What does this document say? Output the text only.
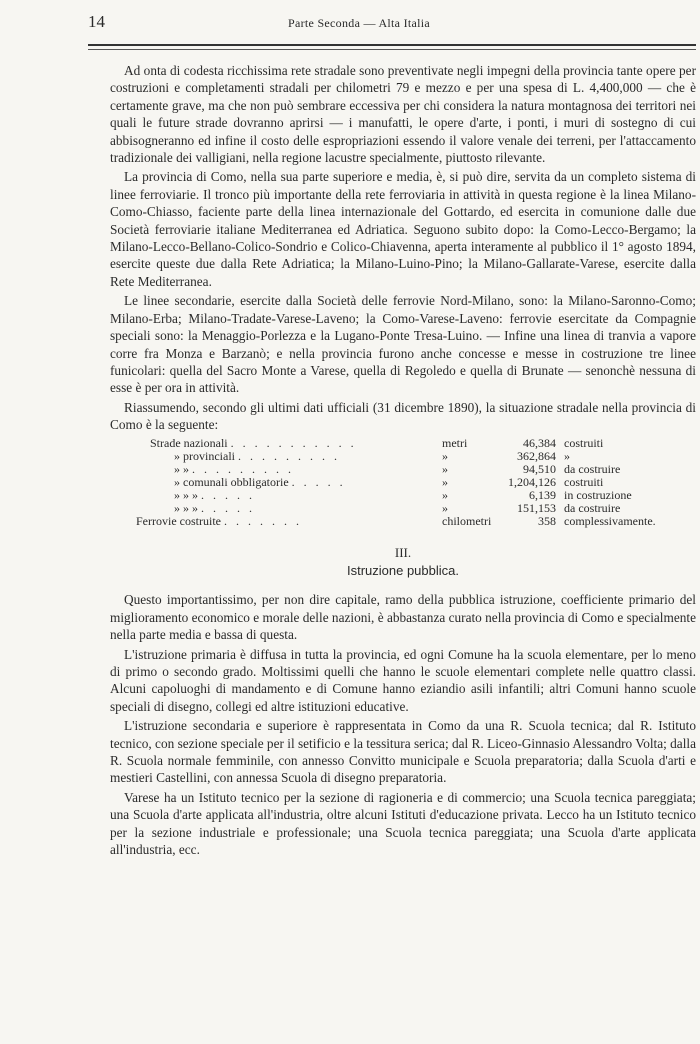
14	Parte Seconda — Alta Italia

Ad onta di codesta ricchissima rete stradale sono preventivate negli impegni della provincia tante opere per costruzioni e completamenti stradali per chilometri 79 e mezzo e per una spesa di L. 4,400,000 — che è certamente grave, ma che non può sembrare eccessiva per chi considera la natura montagnosa dei territori nei quali le future strade dovranno aprirsi — i manufatti, le opere d'arte, i ponti, i muri di sostegno di cui abbisogneranno ed infine il costo delle espropriazioni essendo il valore venale dei terreni, per l'attaccamento tradizionale dei valligiani, nella regione lacustre specialmente, piuttosto rilevante.

La provincia di Como, nella sua parte superiore e media, è, si può dire, servita da un completo sistema di linee ferroviarie. Il tronco più importante della rete ferroviaria in attività in questa regione è la linea Milano-Como-Chiasso, faciente parte della linea internazionale del Gottardo, ed esercita in comunione dalle due Società ferroviarie italiane Mediterranea ed Adriatica. Seguono subito dopo: la Como-Lecco-Bergamo; la Milano-Lecco-Bellano-Colico-Sondrio e Colico-Chiavenna, aperta interamente al pubblico il 1° agosto 1894, esercite queste due dalla Rete Adriatica; la Milano-Luino-Pino; la Milano-Gallarate-Varese, esercite dalla Rete Mediterranea.

Le linee secondarie, esercite dalla Società delle ferrovie Nord-Milano, sono: la Milano-Saronno-Como; Milano-Erba; Milano-Tradate-Varese-Laveno; la Como-Varese-Laveno: ferrovie esercitate da Compagnie speciali sono: la Menaggio-Porlezza e la Lugano-Ponte Tresa-Luino. — Infine una linea di tranvia a vapore corre fra Monza e Barzanò; e nella provincia furono anche concesse e messe in costruzione tre linee funicolari: quella del Sacro Monte a Varese, quella di Regoledo e quella di Brunate — senonchè nessuna di esse è per ora in attività.

Riassumendo, secondo gli ultimi dati ufficiali (31 dicembre 1890), la situazione stradale nella provincia di Como è la seguente:

Strade nazionali . . . . . . . . . . .	metri	46,384	costruiti
» provinciali . . . . . . . . .	»	362,864	»
» » . . . . . . . . .	»	94,510	da costruire
» comunali obbligatorie . . . . .	»	1,204,126	costruiti
» » » . . . . .	»	6,139	in costruzione
» » » . . . . .	»	151,153	da costruire
Ferrovie costruite . . . . . . .	chilometri	358	complessivamente.
III.
Istruzione pubblica.

Questo importantissimo, per non dire capitale, ramo della pubblica istruzione, coefficiente primario del miglioramento economico e morale delle nazioni, è abbastanza curato nella provincia di Como e specialmente nella parte media e bassa di questa.

L'istruzione primaria è diffusa in tutta la provincia, ed ogni Comune ha la scuola elementare, per lo meno di primo o secondo grado. Moltissimi quelli che hanno le scuole elementari complete nelle quattro classi. Alcuni capoluoghi di mandamento e di Comune hanno eziandio asili infantili; altri Comuni hanno scuole speciali di disegno, collegi ed altre istituzioni educative.

L'istruzione secondaria e superiore è rappresentata in Como da una R. Scuola tecnica; dal R. Istituto tecnico, con sezione speciale per il setificio e la tessitura serica; dal R. Liceo-Ginnasio Alessandro Volta; dalla R. Scuola normale femminile, con annesso Convitto municipale e Scuola preparatoria; dalla Scuola d'arti e mestieri Castellini, con annessa Scuola di disegno preparatoria.

Varese ha un Istituto tecnico per la sezione di ragioneria e di commercio; una Scuola tecnica pareggiata; una Scuola d'arte applicata all'industria, oltre alcuni Istituti d'educazione privata. Lecco ha un Istituto tecnico per la sezione industriale e professionale; una Scuola tecnica pareggiata; una Scuola d'arte applicata all'industria, ecc.
